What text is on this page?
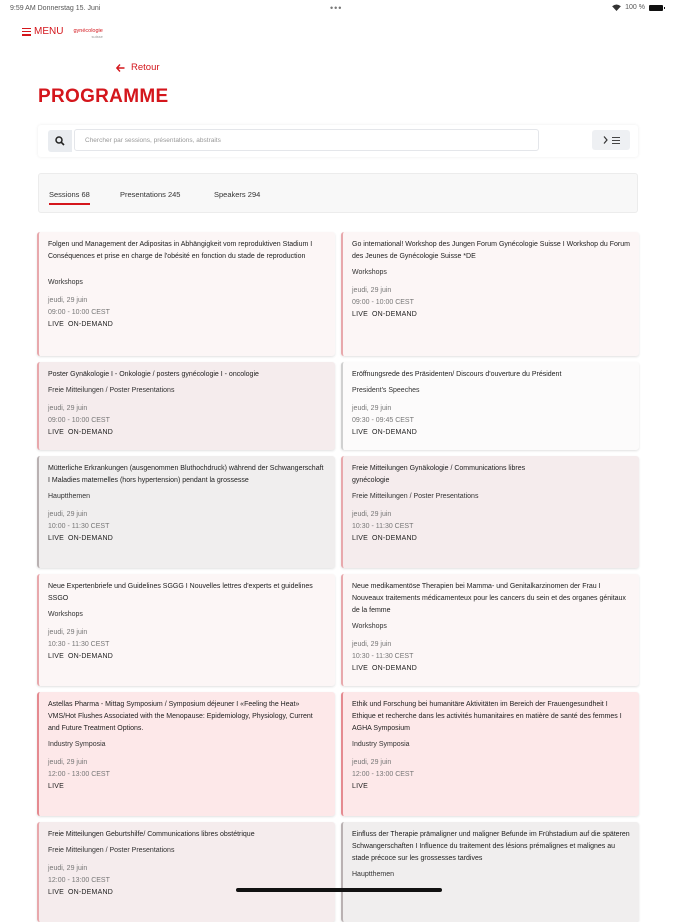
9:59 AM Donnerstag 15. Juni	•••	100 %
MENU gynécologie
suisse
Retour
PROGRAMME
Chercher par sessions, présentations, abstraits
Sessions 68	Presentations 245	Speakers 294
Folgen und Management der Adipositas in Abhängigkeit vom reproduktiven Stadium I Conséquences et prise en charge de l'obésité en fonction du stade de reproduction
Workshops
jeudi, 29 juin
09:00 - 10:00 CEST
LIVE ON-DEMAND
Go international! Workshop des Jungen Forum Gynécologie Suisse I Workshop du Forum des Jeunes de Gynécologie Suisse *DE
Workshops
jeudi, 29 juin
09:00 - 10:00 CEST
LIVE ON-DEMAND
Poster Gynäkologie I - Onkologie / posters gynécologie I - oncologie
Freie Mitteilungen / Poster Presentations
jeudi, 29 juin
09:00 - 10:00 CEST
LIVE ON-DEMAND
Eröffnungsrede des Präsidenten/ Discours d'ouverture du Président
President's Speeches
jeudi, 29 juin
09:30 - 09:45 CEST
LIVE ON-DEMAND
Mütterliche Erkrankungen (ausgenommen Bluthochdruck) während der Schwangerschaft I Maladies maternelles (hors hypertension) pendant la grossesse
Hauptthemen
jeudi, 29 juin
10:00 - 11:30 CEST
LIVE ON-DEMAND
Freie Mitteilungen Gynäkologie / Communications libres gynécologie
Freie Mitteilungen / Poster Presentations
jeudi, 29 juin
10:30 - 11:30 CEST
LIVE ON-DEMAND
Neue Expertenbriefe und Guidelines SGGG I Nouvelles lettres d'experts et guidelines SSGO
Workshops
jeudi, 29 juin
10:30 - 11:30 CEST
LIVE ON-DEMAND
Neue medikamentöse Therapien bei Mamma- und Genitalkarzinomen der Frau I Nouveaux traitements médicamenteux pour les cancers du sein et des organes génitaux de la femme
Workshops
jeudi, 29 juin
10:30 - 11:30 CEST
LIVE ON-DEMAND
Astellas Pharma - Mittag Symposium / Symposium déjeuner I «Feeling the Heat» VMS/Hot Flushes Associated with the Menopause: Epidemiology, Physiology, Current and Future Treatment Options.
Industry Symposia
jeudi, 29 juin
12:00 - 13:00 CEST
LIVE
Ethik und Forschung bei humanitäre Aktivitäten im Bereich der Frauengesundheit I Ethique et recherche dans les activités humanitaires en matière de santé des femmes I AGHA Symposium
Industry Symposia
jeudi, 29 juin
12:00 - 13:00 CEST
LIVE
Freie Mitteilungen Geburtshilfe/ Communications libres obstétrique
Freie Mitteilungen / Poster Presentations
jeudi, 29 juin
12:00 - 13:00 CEST
LIVE ON-DEMAND
Einfluss der Therapie prämaligner und maligner Befunde im Frühstadium auf die späteren Schwangerschaften I Influence du traitement des lésions prémalignes et malignes au stade précoce sur les grossesses tardives
Hauptthemen
